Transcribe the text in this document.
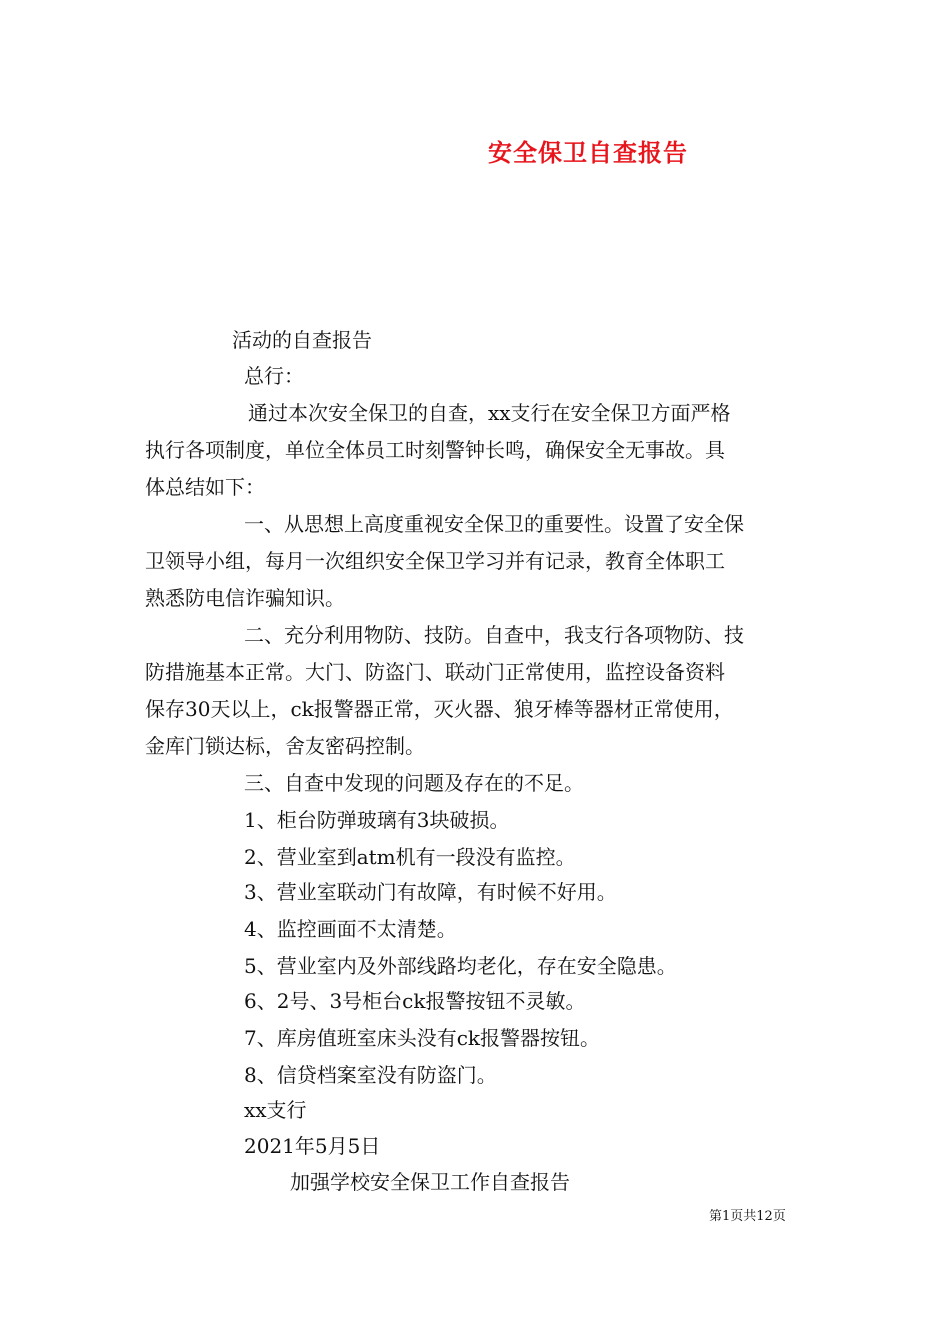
安全保卫自查报告
活动的自查报告
总行：
通过本次安全保卫的自查，xx支行在安全保卫方面严格
执行各项制度，单位全体员工时刻警钟长鸣，确保安全无事故。具
体总结如下：
一、从思想上高度重视安全保卫的重要性。设置了安全保
卫领导小组，每月一次组织安全保卫学习并有记录，教育全体职工
熟悉防电信诈骗知识。
二、充分利用物防、技防。自查中，我支行各项物防、技
防措施基本正常。大门、防盗门、联动门正常使用，监控设备资料
保存30天以上，ck报警器正常，灭火器、狼牙棒等器材正常使用，
金库门锁达标，舍友密码控制。
三、自查中发现的问题及存在的不足。
1、柜台防弹玻璃有3块破损。
2、营业室到atm机有一段没有监控。
3、营业室联动门有故障，有时候不好用。
4、监控画面不太清楚。
5、营业室内及外部线路均老化，存在安全隐患。
6、2号、3号柜台ck报警按钮不灵敏。
7、库房值班室床头没有ck报警器按钮。
8、信贷档案室没有防盗门。
xx支行
2021年5月5日
加强学校安全保卫工作自查报告
第1页共12页
